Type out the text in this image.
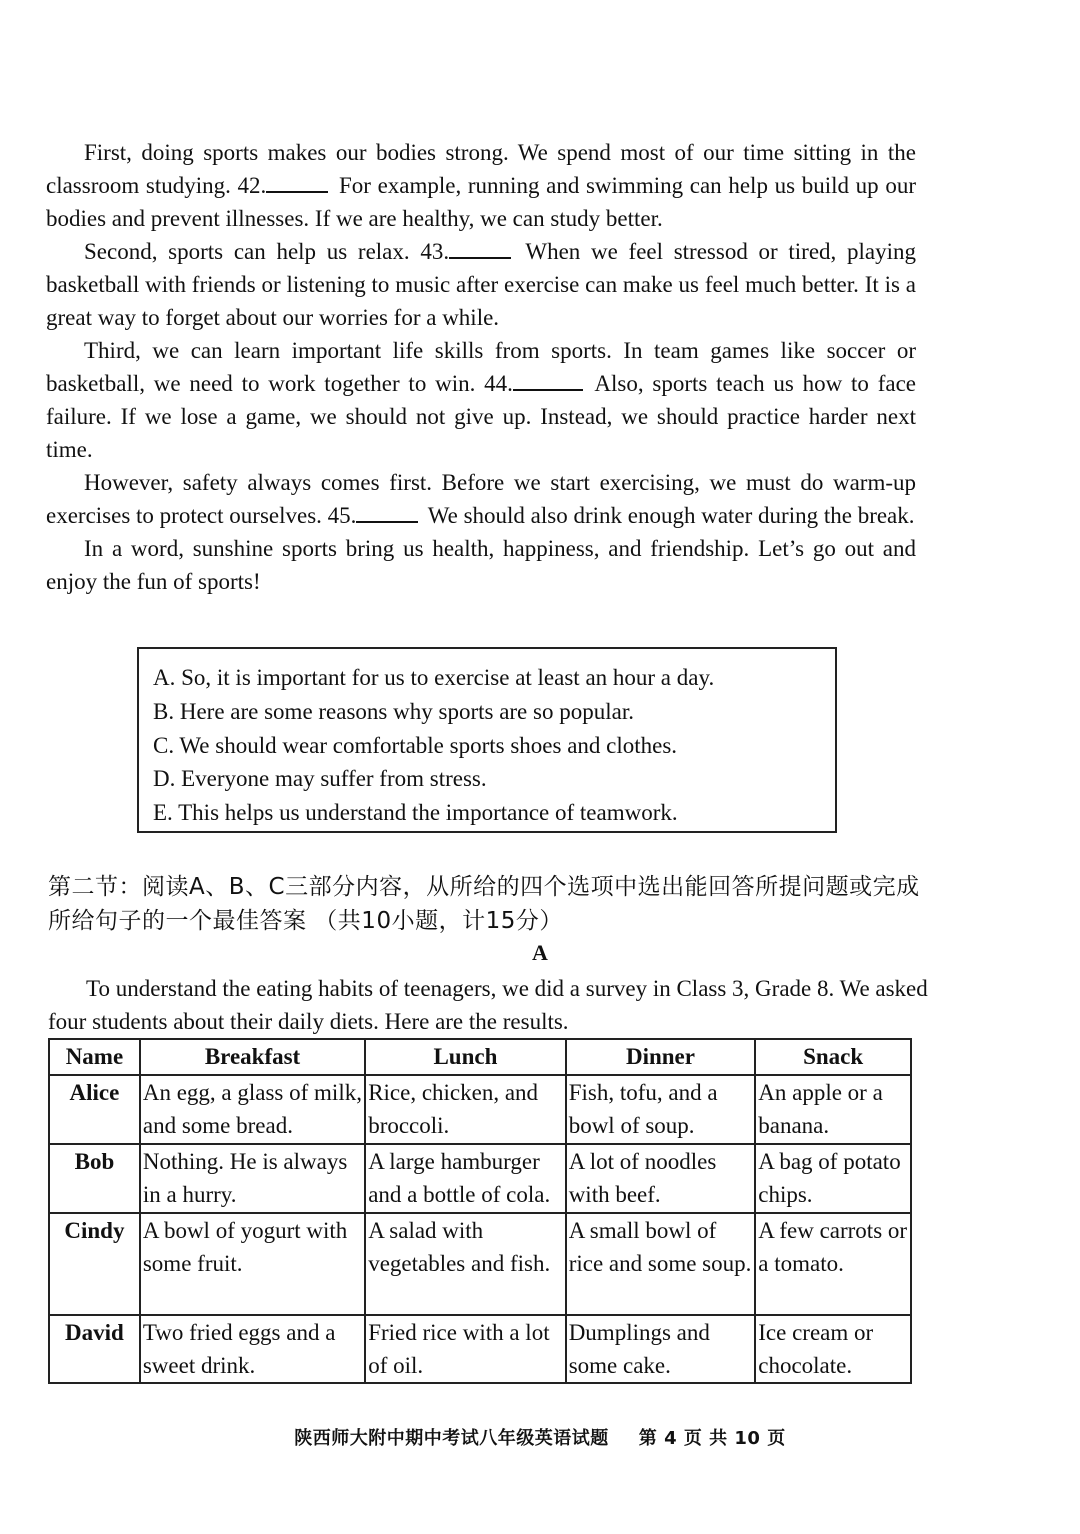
First, doing sports makes our bodies strong. We spend most of our time sitting in the classroom studying. 42.	For example, running and swimming can help us build up our bodies and prevent illnesses. If we are healthy, we can study better.

Second, sports can help us relax. 43.	When we feel stressod or tired, playing basketball with friends or listening to music after exercise can make us feel much better. It is a great way to forget about our worries for a while.

Third, we can learn important life skills from sports. In team games like soccer or basketball, we need to work together to win. 44.	Also, sports teach us how to face failure. If we lose a game, we should not give up. Instead, we should practice harder next time.

However, safety always comes first. Before we start exercising, we must do warm-up exercises to protect ourselves. 45.	We should also drink enough water during the break.

In a word, sunshine sports bring us health, happiness, and friendship. Let’s go out and enjoy the fun of sports!

A. So, it is important for us to exercise at least an hour a day.
B. Here are some reasons why sports are so popular.
C. We should wear comfortable sports shoes and clothes.
D. Everyone may suffer from stress.
E. This helps us understand the importance of teamwork.
第二节：阅读A、B、C三部分内容，从所给的四个选项中选出能回答所提问题或完成所给句子的一个最佳答案 （共10小题，计15分）
A

To understand the eating habits of teenagers, we did a survey in Class 3, Grade 8. We asked four students about their daily diets. Here are the results.

Name	Breakfast	Lunch	Dinner	Snack
Alice	An egg, a glass of milk, and some bread.	Rice, chicken, and broccoli.	Fish, tofu, and a bowl of soup.	An apple or a banana.
Bob	Nothing. He is always in a hurry.	A large hamburger and a bottle of cola.	A lot of noodles with beef.	A bag of potato chips.
Cindy	A bowl of yogurt with some fruit.	A salad with vegetables and fish.	A small bowl of rice and some soup.	A few carrots or a tomato.
David	Two fried eggs and a sweet drink.	Fried rice with a lot of oil.	Dumplings and some cake.	Ice cream or chocolate.
陕西师大附中期中考试八年级英语试题 第 4 页 共 10 页
